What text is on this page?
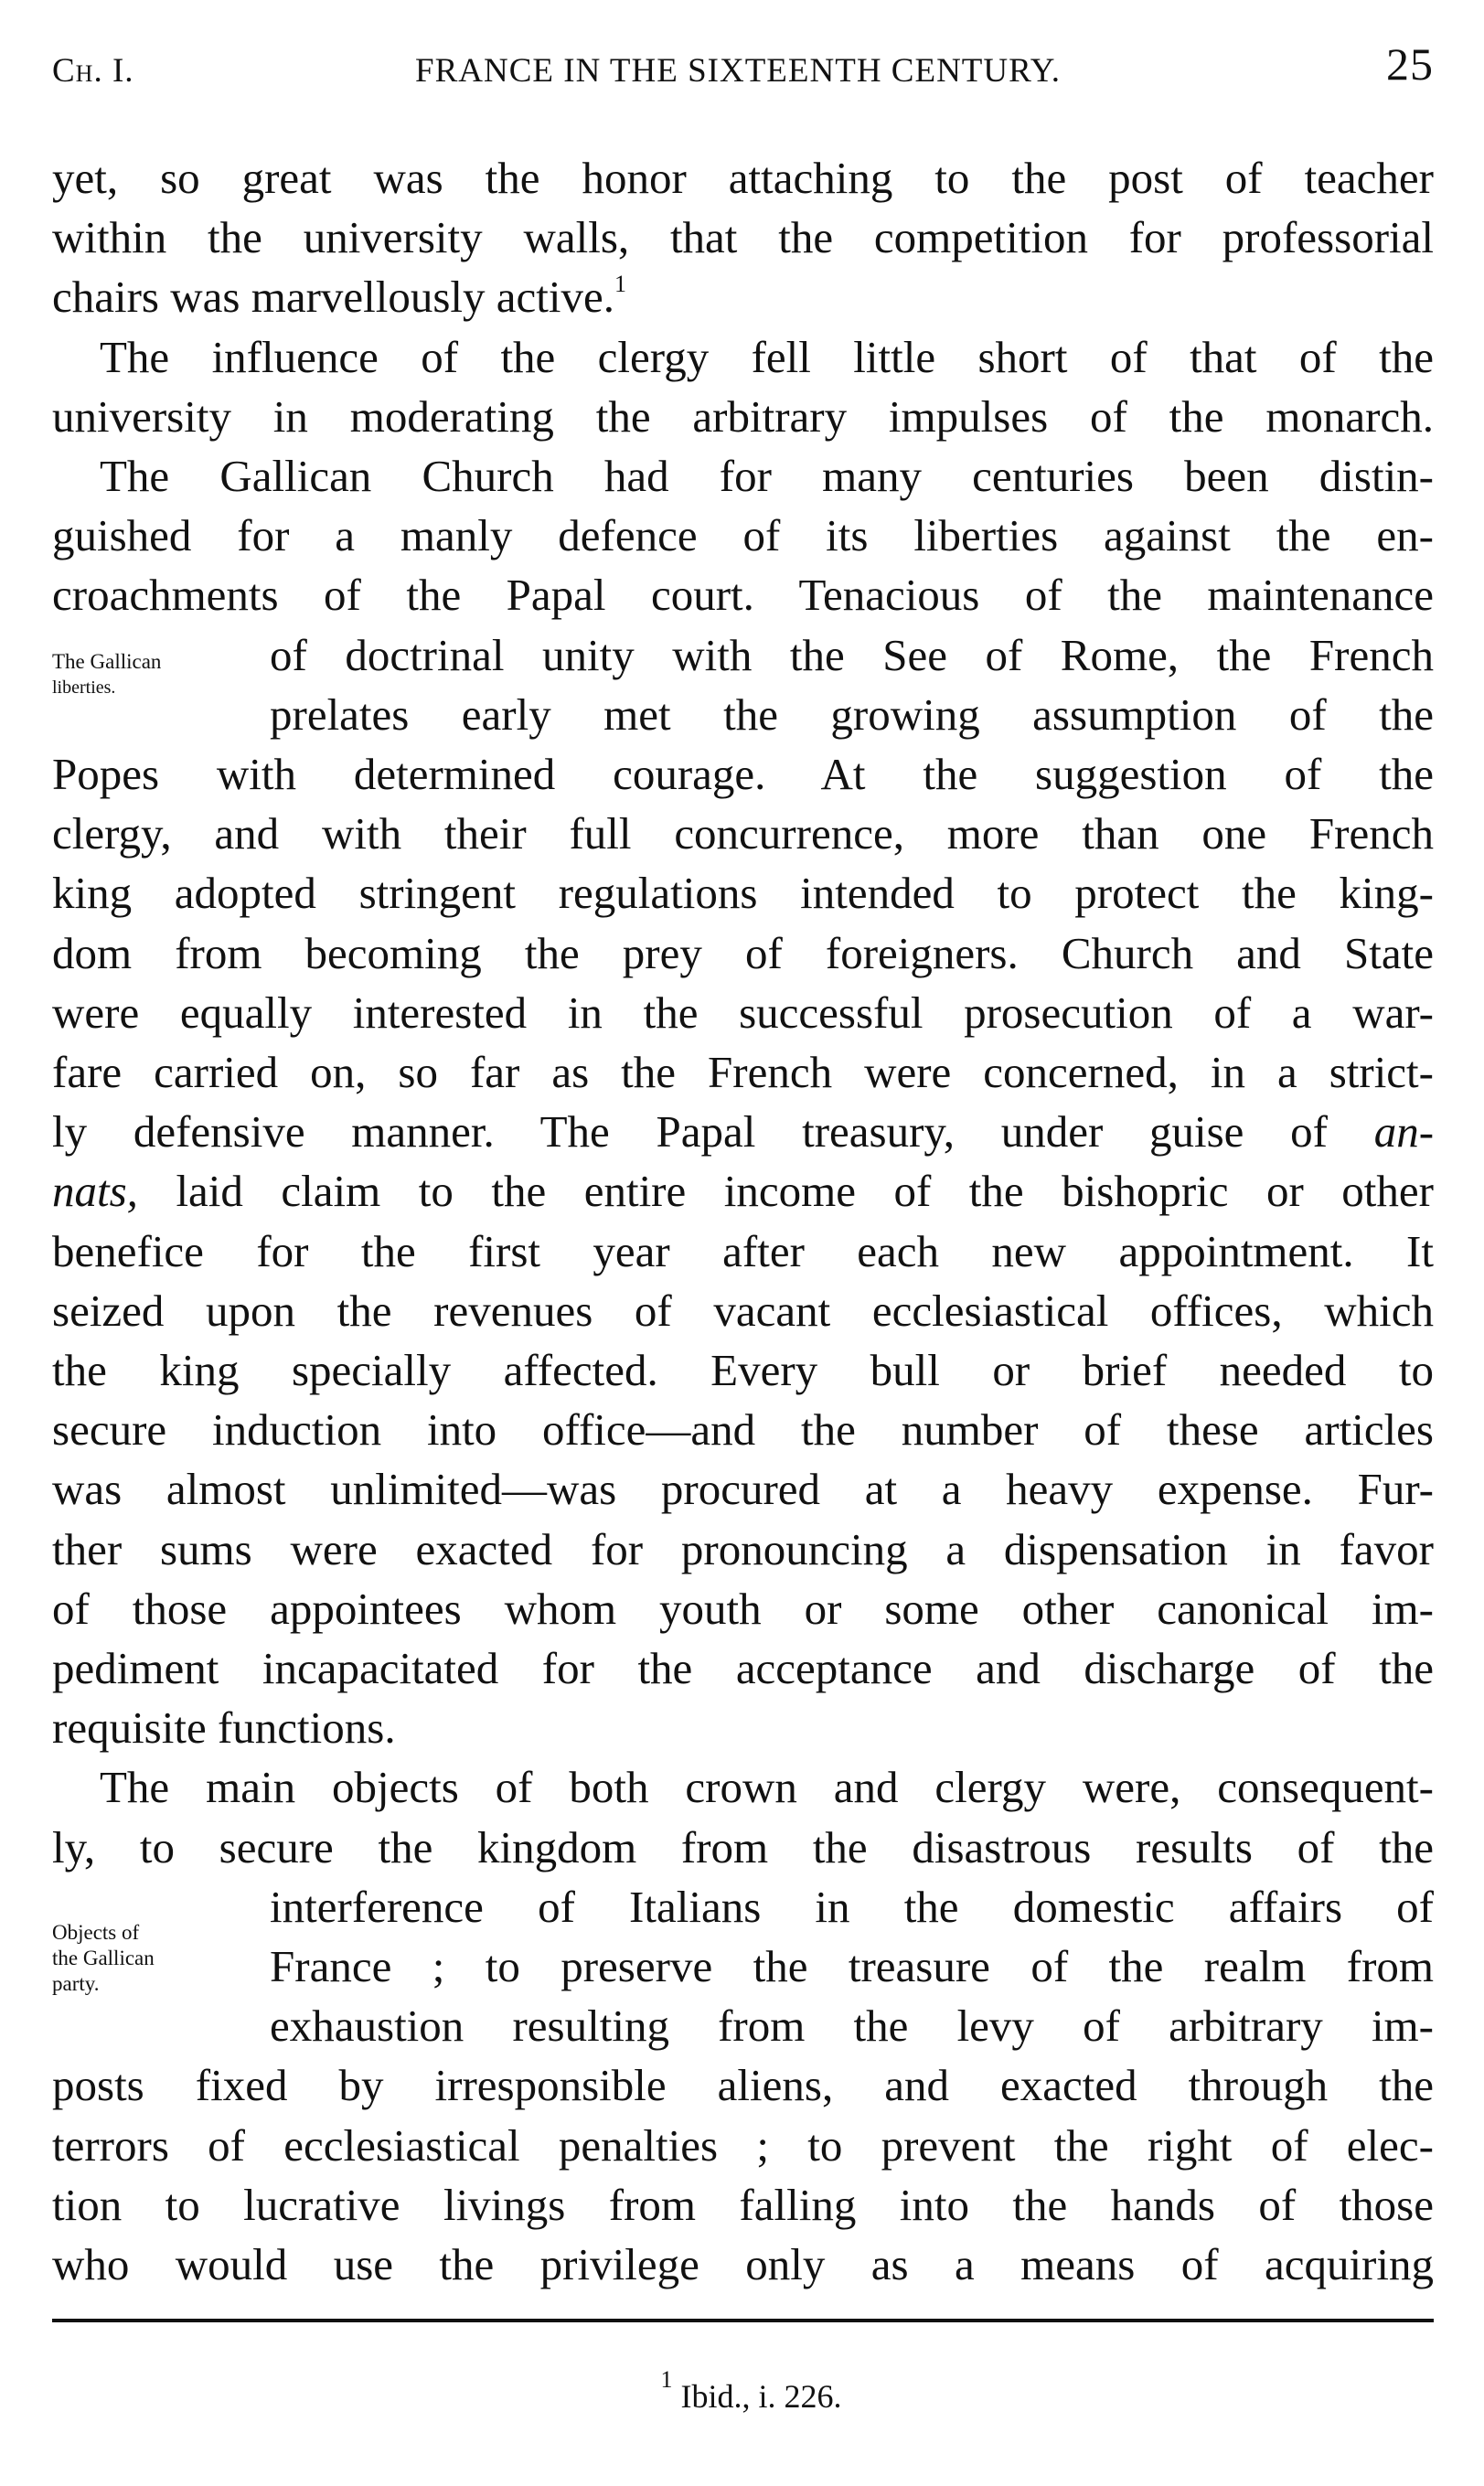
Ch. I.	FRANCE IN THE SIXTEENTH CENTURY.	25
yet, so great was the honor attaching to the post of teacher
within the university walls, that the competition for professorial
chairs was marvellously active.$^1$
The influence of the clergy fell little short of that of the
university in moderating the arbitrary impulses of the monarch.
The Gallican Church had for many centuries been distin-
guished for a manly defence of its liberties against the en-
croachments of the Papal court. Tenacious of the maintenance
of doctrinal unity with the See of Rome, the French
prelates early met the growing assumption of the
Popes with determined courage. At the suggestion of the
clergy, and with their full concurrence, more than one French
king adopted stringent regulations intended to protect the king-
dom from becoming the prey of foreigners. Church and State
were equally interested in the successful prosecution of a war-
fare carried on, so far as the French were concerned, in a strict-
ly defensive manner. The Papal treasury, under guise of an-
nats, laid claim to the entire income of the bishopric or other
benefice for the first year after each new appointment. It
seized upon the revenues of vacant ecclesiastical offices, which
the king specially affected. Every bull or brief needed to
secure induction into office—and the number of these articles
was almost unlimited—was procured at a heavy expense. Fur-
ther sums were exacted for pronouncing a dispensation in favor
of those appointees whom youth or some other canonical im-
pediment incapacitated for the acceptance and discharge of the
requisite functions.
The main objects of both crown and clergy were, consequent-
ly, to secure the kingdom from the disastrous results of the
interference of Italians in the domestic affairs of
France ; to preserve the treasure of the realm from
exhaustion resulting from the levy of arbitrary im-
posts fixed by irresponsible aliens, and exacted through the
terrors of ecclesiastical penalties ; to prevent the right of elec-
tion to lucrative livings from falling into the hands of those
who would use the privilege only as a means of acquiring
The Gallican
liberties.
Objects of
the Gallican
party.
$^1$ Ibid., i. 226.
